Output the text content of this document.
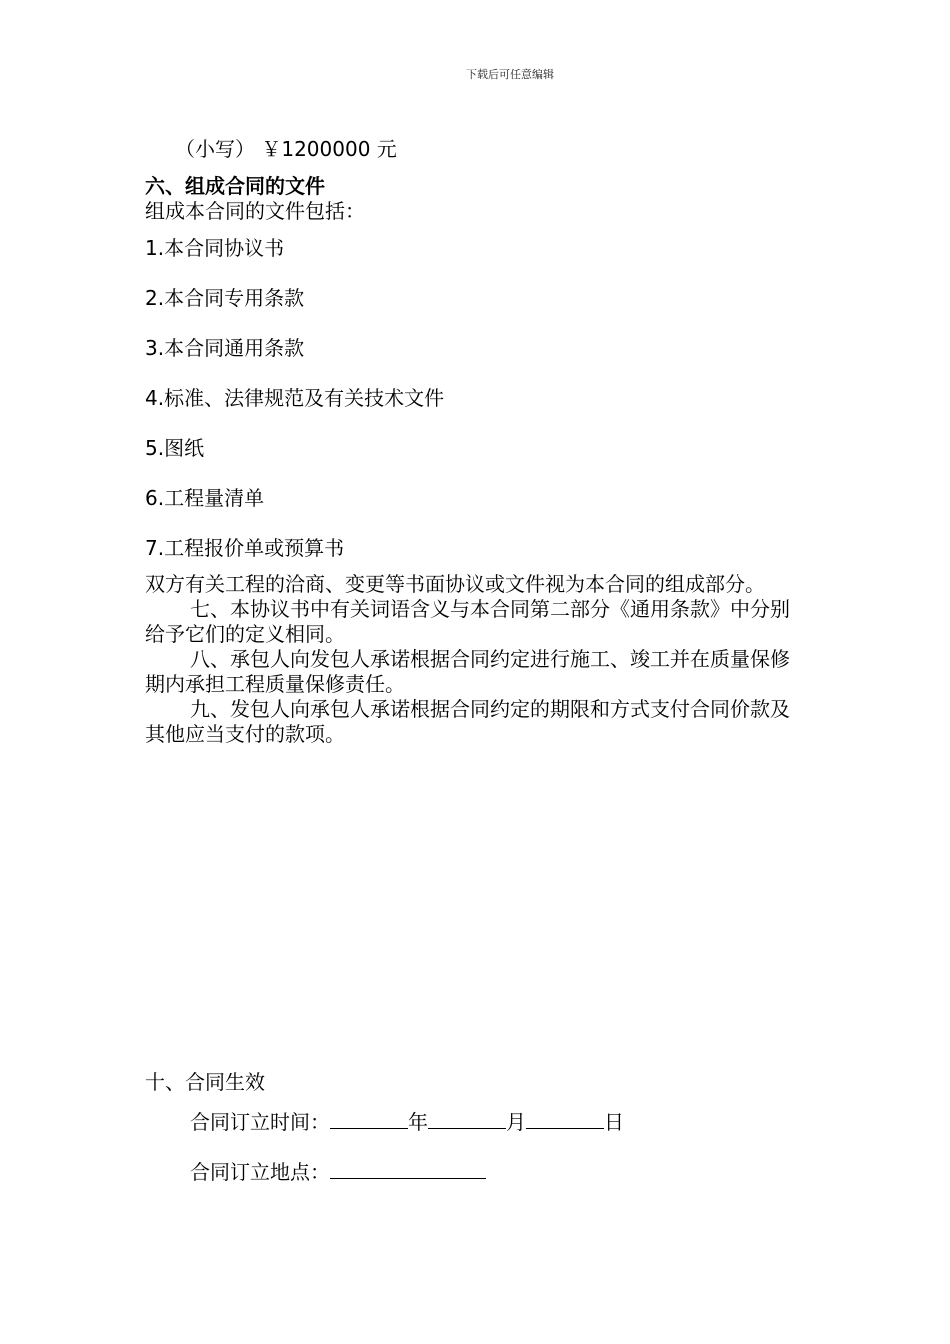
下载后可任意编辑
（小写） ￥1200000 元
六、组成合同的文件
组成本合同的文件包括：
1.本合同协议书
2.本合同专用条款
3.本合同通用条款
4.标准、法律规范及有关技术文件
5.图纸
6.工程量清单
7.工程报价单或预算书
双方有关工程的洽商、变更等书面协议或文件视为本合同的组成部分。
七、本协议书中有关词语含义与本合同第二部分《通用条款》中分别
给予它们的定义相同。
八、承包人向发包人承诺根据合同约定进行施工、竣工并在质量保修
期内承担工程质量保修责任。
九、发包人向承包人承诺根据合同约定的期限和方式支付合同价款及
其他应当支付的款项。
十、合同生效
合同订立时间：	年	月	日
合同订立地点：
